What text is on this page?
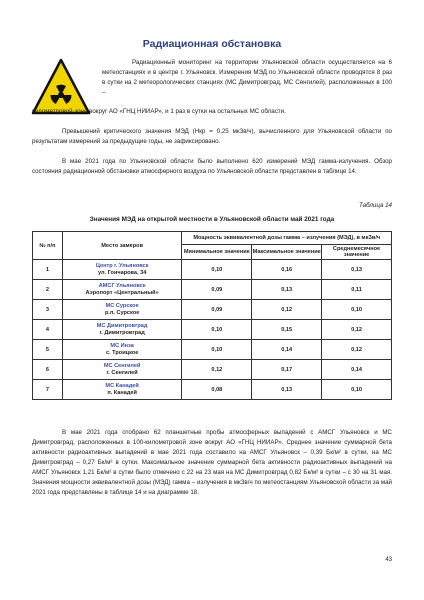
Радиационная обстановка
Радиационный мониторинг на территории Ульяновской области осуществляется на 6 метеостанциях и в центре г. Ульяновск. Измерения МЭД по Ульяновской области проводятся 8 раз в сутки на 2 метеорологических станциях (МС Димитровград, МС Сенгилей), расположенных в 100 –
километровой зоне вокруг АО «ГНЦ НИИАР», и 1 раз в сутки на остальных МС области.
Превышений критического значения МЭД (Нкр = 0,25 мкЗв/ч), вычисленного для Ульяновской области по результатам измерений за предыдущие годы, не зафиксировано.
В мае 2021 года по Ульяновской области было выполнено 620 измерений МЭД гамма-излучения. Обзор состояния радиационной обстановки атмосферного воздуха по Ульяновской области представлен в таблице 14.
Таблица 14
Значения МЭД на открытой местности в Ульяновской области май 2021 года
№ п/п	Место замеров	Мощность эквивалентной дозы гамма – излучения (МЭД), в мкЗв/ч		
		Минимальное значение	Максимальное значение	Среднемесячное значение
1	Центр г. Ульяновск
ул. Гончарова, 34	0,10	0,16	0,13
2	АМСГ Ульяновск
Аэропорт «Центральный»	0,09	0,13	0,11
3	МС Сурское
р.п. Сурское	0,09	0,12	0,10
4	МС Димитровград
г. Димитровград	0,10	0,15	0,12
5	МС Инза
с. Троицкое	0,10	0,14	0,12
6	МС Сенгилей
г. Сенгилей	0,12	0,17	0,14
7	МС Канадей
п. Канадей	0,08	0,13	0,10
В мае 2021 года отобрано 62 планшетные пробы атмосферных выпадений с АМСГ Ульяновск и МС Димитровград, расположенных в 100-километровой зоне вокруг АО «ГНЦ НИИАР». Среднее значение суммарной бета активности радиоактивных выпадений в мае 2021 года составило на АМСГ Ульяновск – 0,39 Бк/м² в сутки, на МС Димитровград – 0,27 Бк/м² в сутки. Максимальное значение суммарной бета активности радиоактивных выпадений на АМСГ Ульяновск 1,21 Бк/м² в сутки было отмечено с 22 на 23 мая на МС Димитровград 0,82 Бк/м² в сутки – с 30 на 31 мая. Значения мощности эквивалентной дозы (МЭД) гамма – излучения в мкЗв/ч по метеостанциям Ульяновской области за май 2021 года представлены в таблице 14 и на диаграмме 18.
43
